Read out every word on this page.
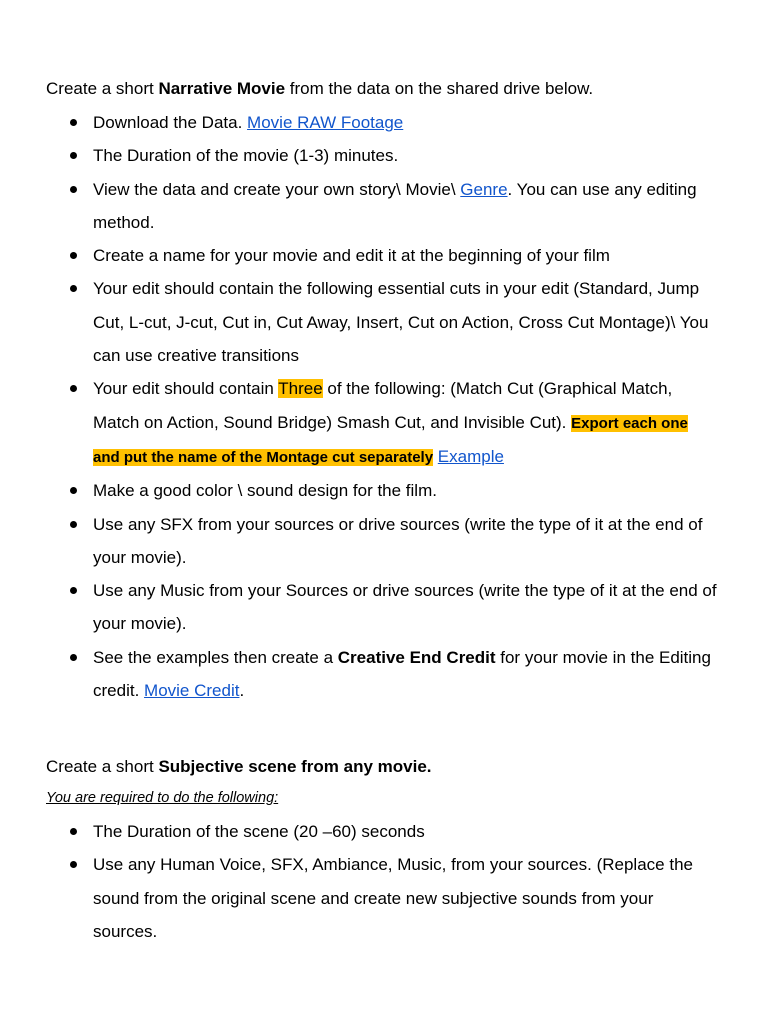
Create a short Narrative Movie from the data on the shared drive below.
Download the Data. Movie RAW Footage
The Duration of the movie (1-3) minutes.
View the data and create your own story\ Movie\ Genre. You can use any editing method.
Create a name for your movie and edit it at the beginning of your film
Your edit should contain the following essential cuts in your edit (Standard, Jump Cut, L-cut, J-cut, Cut in, Cut Away, Insert, Cut on Action, Cross Cut Montage)\ You can use creative transitions
Your edit should contain Three of the following: (Match Cut (Graphical Match, Match on Action, Sound Bridge) Smash Cut, and Invisible Cut). Export each one and put the name of the Montage cut separately Example
Make a good color \ sound design for the film.
Use any SFX from your sources or drive sources (write the type of it at the end of your movie).
Use any Music from your Sources or drive sources (write the type of it at the end of your movie).
See the examples then create a Creative End Credit for your movie in the Editing credit. Movie Credit.
Create a short Subjective scene from any movie.
You are required to do the following:
The Duration of the scene (20 –60) seconds
Use any Human Voice, SFX, Ambiance, Music, from your sources. (Replace the sound from the original scene and create new subjective sounds from your sources.
